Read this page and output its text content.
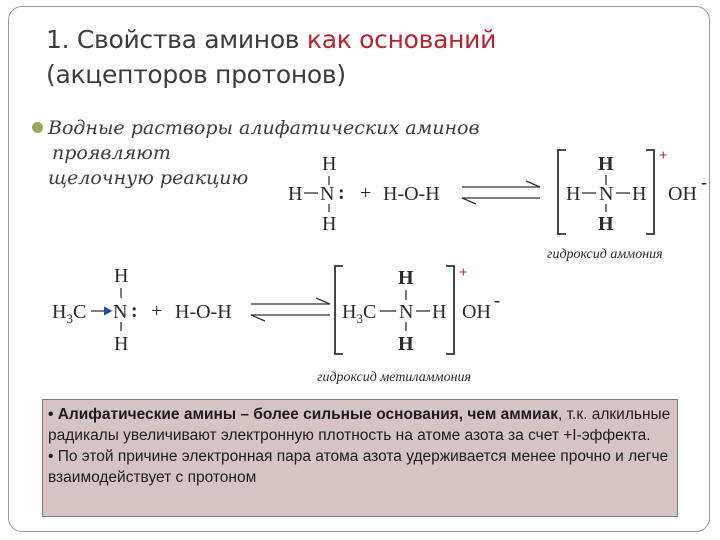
1. Свойства аминов как оснований
(акцепторов протонов)
Водные растворы алифатических аминов
проявляют
щелочную реакцию
H
H N :
H
+ H-O-H
+
H
H N H
H
OH
-
гидроксид аммония
H
$H_3C$ N :
H
+ H-O-H
+
H
$H_3C$ N H
H
OH
-
гидроксид метиламмония

• Алифатические амины – более сильные основания, чем аммиак, т.к. алкильные радикалы увеличивают электронную плотность на атоме азота за счет +I-эффекта.

• По этой причине электронная пара атома азота удерживается менее прочно и легче взаимодействует с протоном
